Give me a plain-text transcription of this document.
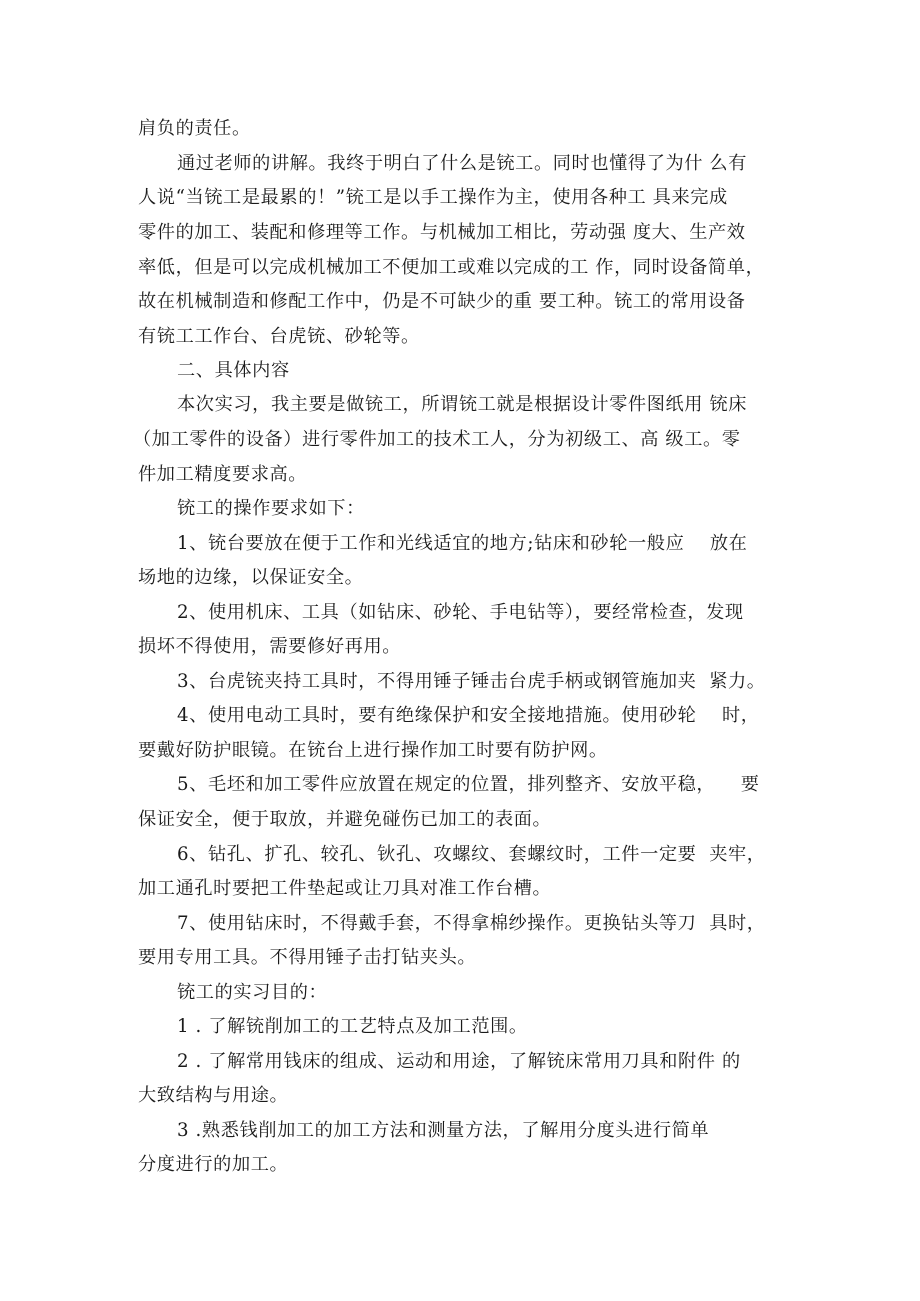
肩负的责任。
通过老师的讲解。我终于明白了什么是铳工。同时也懂得了为什 么有
人说“当铳工是最累的！”铳工是以手工操作为主，使用各种工 具来完成
零件的加工、装配和修理等工作。与机械加工相比，劳动强 度大、生产效
率低，但是可以完成机械加工不便加工或难以完成的工 作，同时设备简单，
故在机械制造和修配工作中，仍是不可缺少的重 要工种。铳工的常用设备
有铳工工作台、台虎铳、砂轮等。
二、具体内容
本次实习，我主要是做铳工，所谓铳工就是根据设计零件图纸用 铳床
（加工零件的设备）进行零件加工的技术工人，分为初级工、高 级工。零
件加工精度要求高。
铳工的操作要求如下：
1、铳台要放在便于工作和光线适宜的地方;钻床和砂轮一般应    放在
场地的边缘，以保证安全。
2、使用机床、工具（如钻床、砂轮、手电钻等），要经常检查，发现
损坏不得使用，需要修好再用。
3、台虎铳夹持工具时，不得用锤子锤击台虎手柄或钢管施加夹  紧力。
4、使用电动工具时，要有绝缘保护和安全接地措施。使用砂轮    时，
要戴好防护眼镜。在铳台上进行操作加工时要有防护网。
5、毛坯和加工零件应放置在规定的位置，排列整齐、安放平稳，    要
保证安全，便于取放，并避免碰伤已加工的表面。
6、钻孔、扩孔、较孔、钬孔、攻螺纹、套螺纹时，工件一定要  夹牢，
加工通孔时要把工件垫起或让刀具对准工作台槽。
7、使用钻床时，不得戴手套，不得拿棉纱操作。更换钻头等刀  具时，
要用专用工具。不得用锤子击打钻夹头。
铳工的实习目的：
1 . 了解铳削加工的工艺特点及加工范围。
2 . 了解常用钱床的组成、运动和用途，了解铳床常用刀具和附件 的
大致结构与用途。
3 .熟悉钱削加工的加工方法和测量方法，了解用分度头进行简单
分度进行的加工。
